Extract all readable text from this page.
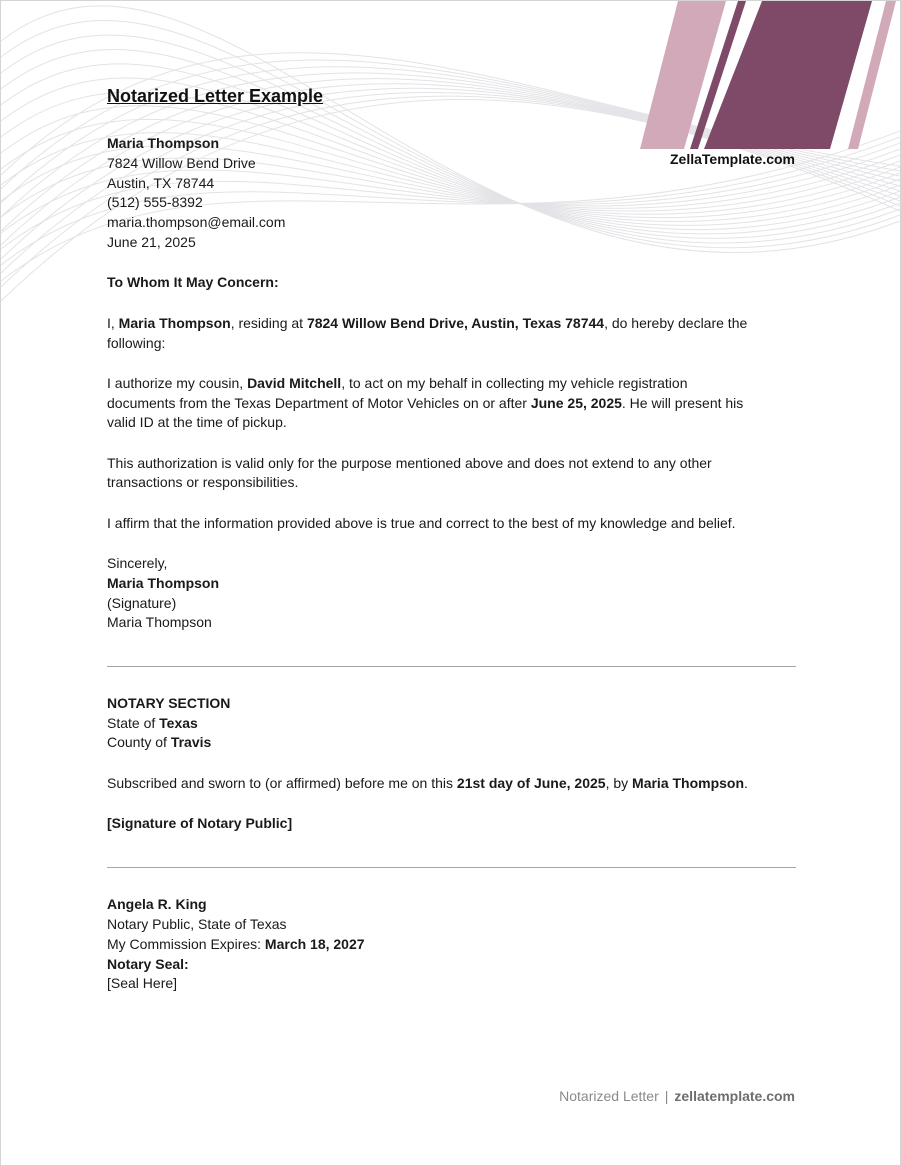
ZellaTemplate.com
Notarized Letter Example
Maria Thompson
7824 Willow Bend Drive
Austin, TX 78744
(512) 555-8392
maria.thompson@email.com
June 21, 2025
To Whom It May Concern:
I, Maria Thompson, residing at 7824 Willow Bend Drive, Austin, Texas 78744, do hereby declare the
following:
I authorize my cousin, David Mitchell, to act on my behalf in collecting my vehicle registration
documents from the Texas Department of Motor Vehicles on or after June 25, 2025. He will present his
valid ID at the time of pickup.
This authorization is valid only for the purpose mentioned above and does not extend to any other
transactions or responsibilities.
I affirm that the information provided above is true and correct to the best of my knowledge and belief.
Sincerely,
Maria Thompson
(Signature)
Maria Thompson
NOTARY SECTION
State of Texas
County of Travis
Subscribed and sworn to (or affirmed) before me on this 21st day of June, 2025, by Maria Thompson.
[Signature of Notary Public]
Angela R. King
Notary Public, State of Texas
My Commission Expires: March 18, 2027
Notary Seal:
[Seal Here]
Notarized Letter | zellatemplate.com
